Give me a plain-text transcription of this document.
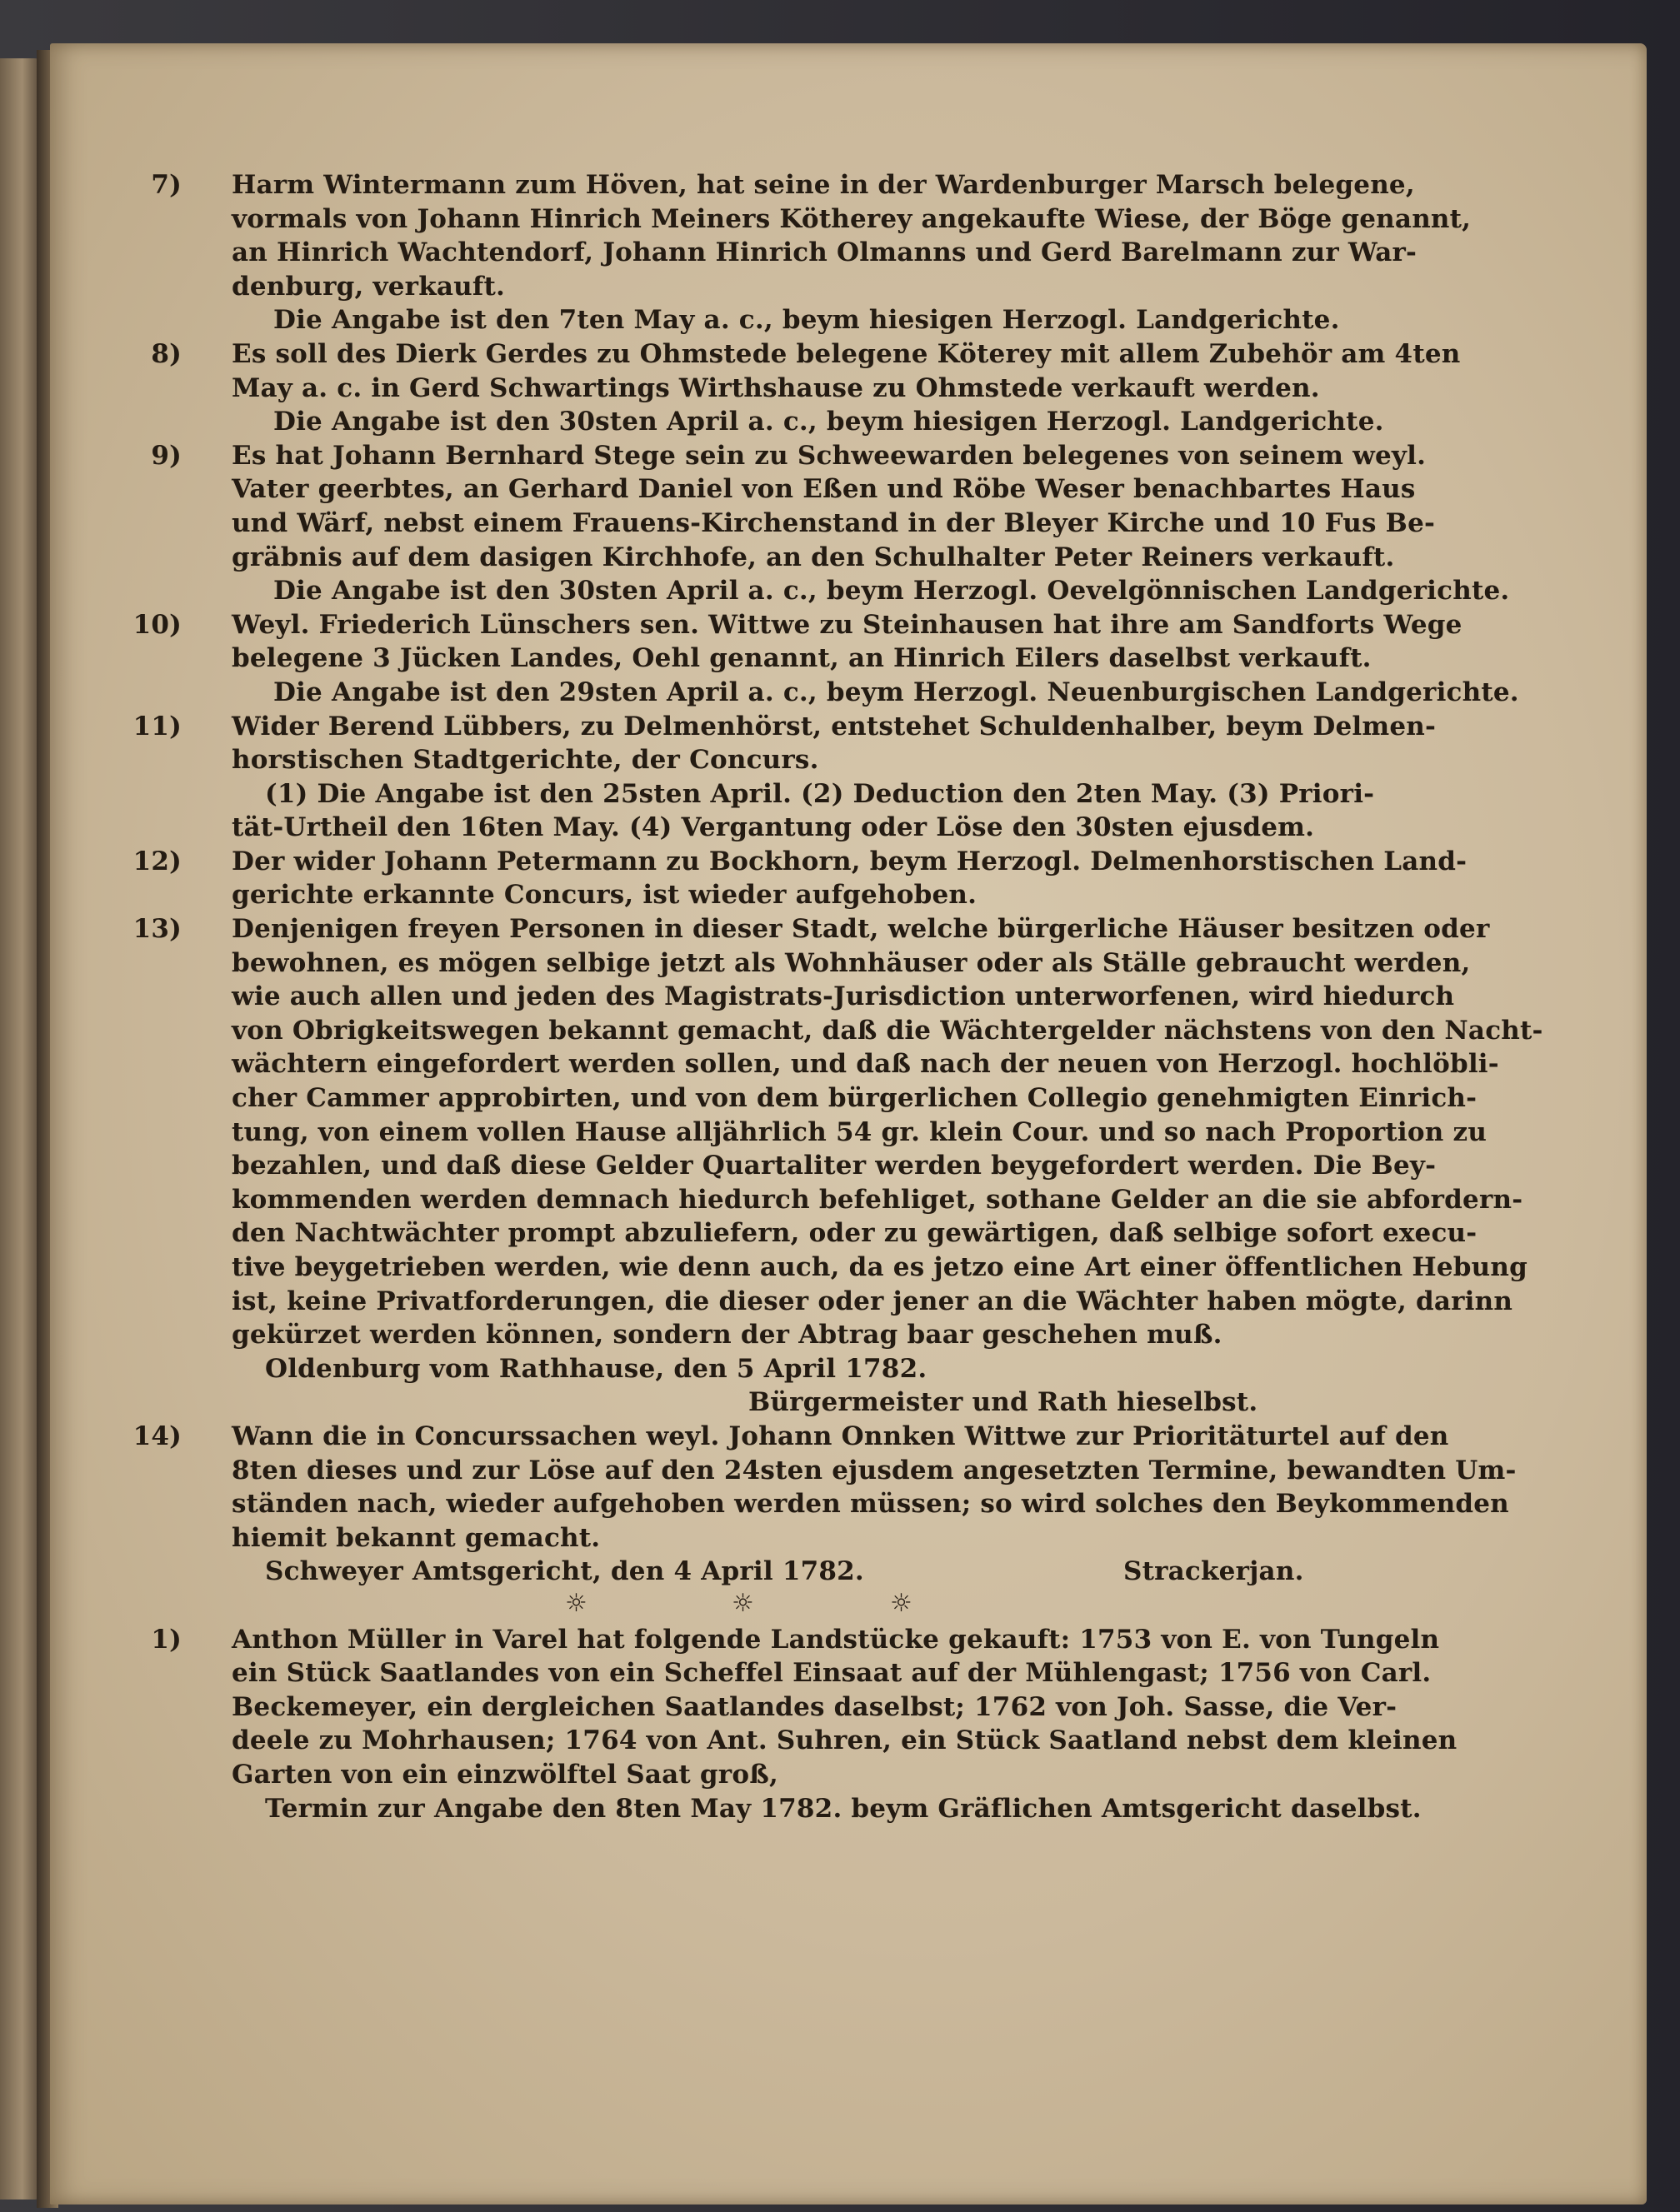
7) Harm Wintermann zum Höven, hat seine in der Wardenburger Marsch belegene,
vormals von Johann Hinrich Meiners Kötherey angekaufte Wiese, der Böge genannt,
an Hinrich Wachtendorf, Johann Hinrich Olmanns und Gerd Barelmann zur War-
denburg, verkauft.
Die Angabe ist den 7ten May a. c., beym hiesigen Herzogl. Landgerichte.
8) Es soll des Dierk Gerdes zu Ohmstede belegene Köterey mit allem Zubehör am 4ten
May a. c. in Gerd Schwartings Wirthshause zu Ohmstede verkauft werden.
Die Angabe ist den 30sten April a. c., beym hiesigen Herzogl. Landgerichte.
9) Es hat Johann Bernhard Stege sein zu Schweewarden belegenes von seinem weyl.
Vater geerbtes, an Gerhard Daniel von Eßen und Röbe Weser benachbartes Haus
und Wärf, nebst einem Frauens-Kirchenstand in der Bleyer Kirche und 10 Fus Be-
gräbnis auf dem dasigen Kirchhofe, an den Schulhalter Peter Reiners verkauft.
Die Angabe ist den 30sten April a. c., beym Herzogl. Oevelgönnischen Landgerichte.
10) Weyl. Friederich Lünschers sen. Wittwe zu Steinhausen hat ihre am Sandforts Wege
belegene 3 Jücken Landes, Oehl genannt, an Hinrich Eilers daselbst verkauft.
Die Angabe ist den 29sten April a. c., beym Herzogl. Neuenburgischen Landgerichte.
11) Wider Berend Lübbers, zu Delmenhörst, entstehet Schuldenhalber, beym Delmen-
horstischen Stadtgerichte, der Concurs.
(1) Die Angabe ist den 25sten April. (2) Deduction den 2ten May. (3) Priori-
tät-Urtheil den 16ten May. (4) Vergantung oder Löse den 30sten ejusdem.
12) Der wider Johann Petermann zu Bockhorn, beym Herzogl. Delmenhorstischen Land-
gerichte erkannte Concurs, ist wieder aufgehoben.
13) Denjenigen freyen Personen in dieser Stadt, welche bürgerliche Häuser besitzen oder
bewohnen, es mögen selbige jetzt als Wohnhäuser oder als Ställe gebraucht werden,
wie auch allen und jeden des Magistrats-Jurisdiction unterworfenen, wird hiedurch
von Obrigkeitswegen bekannt gemacht, daß die Wächtergelder nächstens von den Nacht-
wächtern eingefordert werden sollen, und daß nach der neuen von Herzogl. hochlöbli-
cher Cammer approbirten, und von dem bürgerlichen Collegio genehmigten Einrich-
tung, von einem vollen Hause alljährlich 54 gr. klein Cour. und so nach Proportion zu
bezahlen, und daß diese Gelder Quartaliter werden beygefordert werden. Die Bey-
kommenden werden demnach hiedurch befehliget, sothane Gelder an die sie abfordern-
den Nachtwächter prompt abzuliefern, oder zu gewärtigen, daß selbige sofort execu-
tive beygetrieben werden, wie denn auch, da es jetzo eine Art einer öffentlichen Hebung
ist, keine Privatforderungen, die dieser oder jener an die Wächter haben mögte, darinn
gekürzet werden können, sondern der Abtrag baar geschehen muß.
Oldenburg vom Rathhause, den 5 April 1782.
Bürgermeister und Rath hieselbst.
14) Wann die in Concurssachen weyl. Johann Onnken Wittwe zur Prioritäturtel auf den
8ten dieses und zur Löse auf den 24sten ejusdem angesetzten Termine, bewandten Um-
ständen nach, wieder aufgehoben werden müssen; so wird solches den Beykommenden
hiemit bekannt gemacht.
Schweyer Amtsgericht, den 4 April 1782.	Strackerjan.
☼	☼	☼
1) Anthon Müller in Varel hat folgende Landstücke gekauft: 1753 von E. von Tungeln
ein Stück Saatlandes von ein Scheffel Einsaat auf der Mühlengast; 1756 von Carl.
Beckemeyer, ein dergleichen Saatlandes daselbst; 1762 von Joh. Sasse, die Ver-
deele zu Mohrhausen; 1764 von Ant. Suhren, ein Stück Saatland nebst dem kleinen
Garten von ein einzwölftel Saat groß,
Termin zur Angabe den 8ten May 1782. beym Gräflichen Amtsgericht daselbst.
